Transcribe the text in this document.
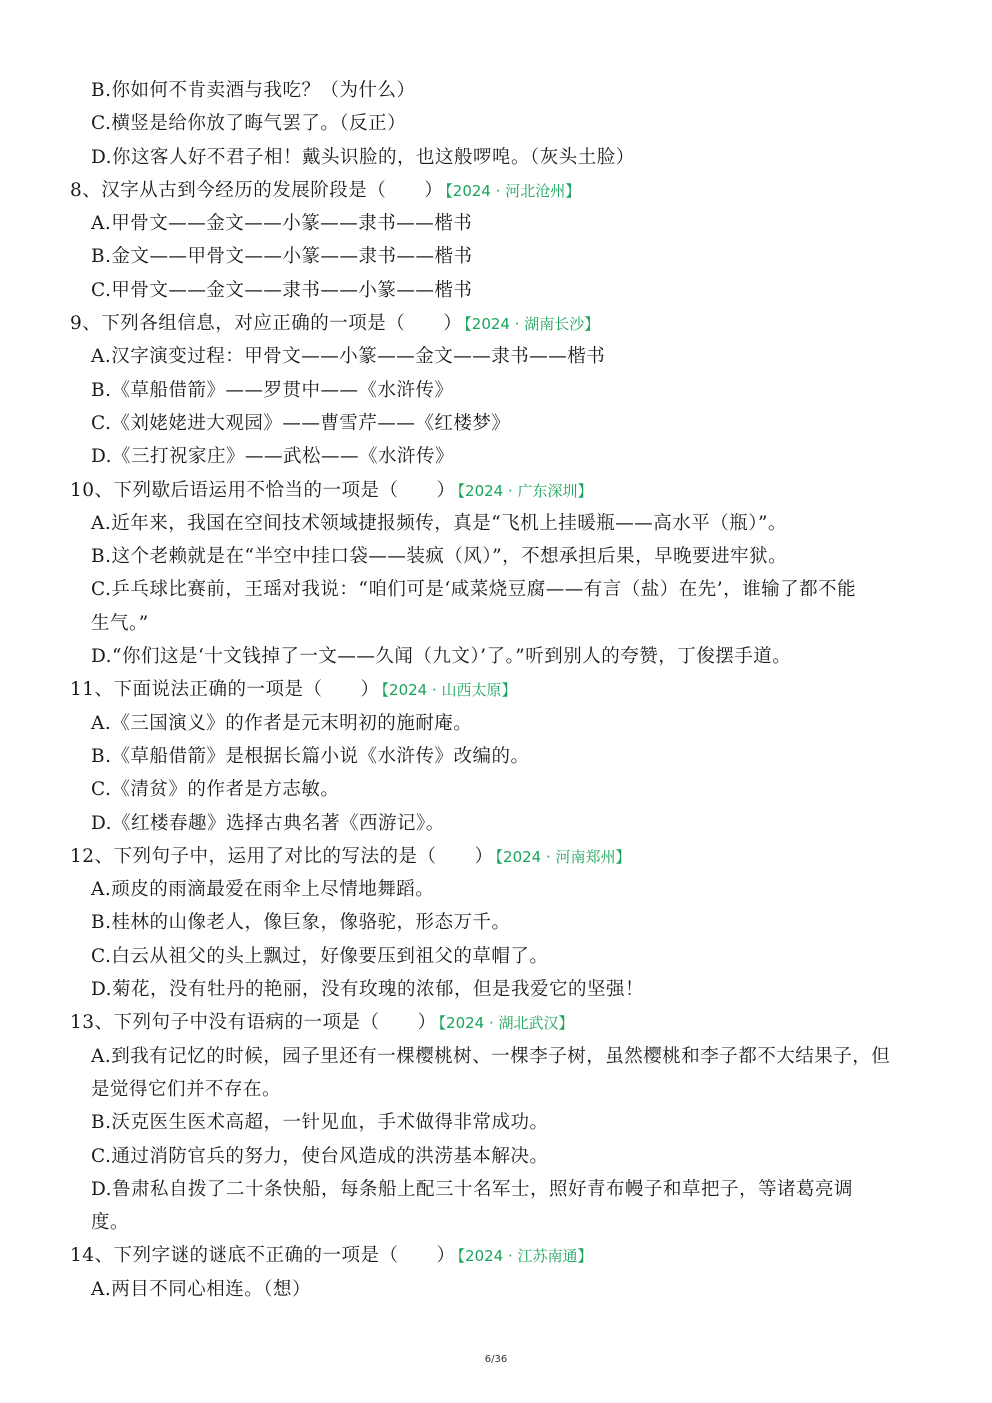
B.你如何不肯卖酒与我吃？（为什么）
C.横竖是给你放了晦气罢了。（反正）
D.你这客人好不君子相！戴头识脸的，也这般啰唣。（灰头土脸）
8、汉字从古到今经历的发展阶段是（　　） 【2024 · 河北沧州】
A.甲骨文——金文——小篆——隶书——楷书
B.金文——甲骨文——小篆——隶书——楷书
C.甲骨文——金文——隶书——小篆——楷书
9、下列各组信息，对应正确的一项是（　　） 【2024 · 湖南长沙】
A.汉字演变过程：甲骨文——小篆——金文——隶书——楷书
B.《草船借箭》——罗贯中——《水浒传》
C.《刘姥姥进大观园》——曹雪芹——《红楼梦》
D.《三打祝家庄》——武松——《水浒传》
10、下列歇后语运用不恰当的一项是（　　） 【2024 · 广东深圳】
A.近年来，我国在空间技术领域捷报频传，真是“飞机上挂暖瓶——高水平（瓶）”。
B.这个老赖就是在“半空中挂口袋——装疯（风）”，不想承担后果，早晚要进牢狱。
C.乒乓球比赛前，王瑶对我说：“咱们可是‘咸菜烧豆腐——有言（盐）在先’，谁输了都不能
生气。”
D.“你们这是‘十文钱掉了一文——久闻（九文）’了。”听到别人的夸赞，丁俊摆手道。
11、下面说法正确的一项是（　　） 【2024 · 山西太原】
A.《三国演义》的作者是元末明初的施耐庵。
B.《草船借箭》是根据长篇小说《水浒传》改编的。
C.《清贫》的作者是方志敏。
D.《红楼春趣》选择古典名著《西游记》。
12、下列句子中，运用了对比的写法的是（　　） 【2024 · 河南郑州】
A.顽皮的雨滴最爱在雨伞上尽情地舞蹈。
B.桂林的山像老人，像巨象，像骆驼，形态万千。
C.白云从祖父的头上飘过，好像要压到祖父的草帽了。
D.菊花，没有牡丹的艳丽，没有玫瑰的浓郁，但是我爱它的坚强！
13、下列句子中没有语病的一项是（　　） 【2024 · 湖北武汉】
A.到我有记忆的时候，园子里还有一棵樱桃树、一棵李子树，虽然樱桃和李子都不大结果子，但
是觉得它们并不存在。
B.沃克医生医术高超，一针见血，手术做得非常成功。
C.通过消防官兵的努力，使台风造成的洪涝基本解决。
D.鲁肃私自拨了二十条快船，每条船上配三十名军士，照好青布幔子和草把子，等诸葛亮调
度。
14、下列字谜的谜底不正确的一项是（　　） 【2024 · 江苏南通】
A.两目不同心相连。（想）
6/36
